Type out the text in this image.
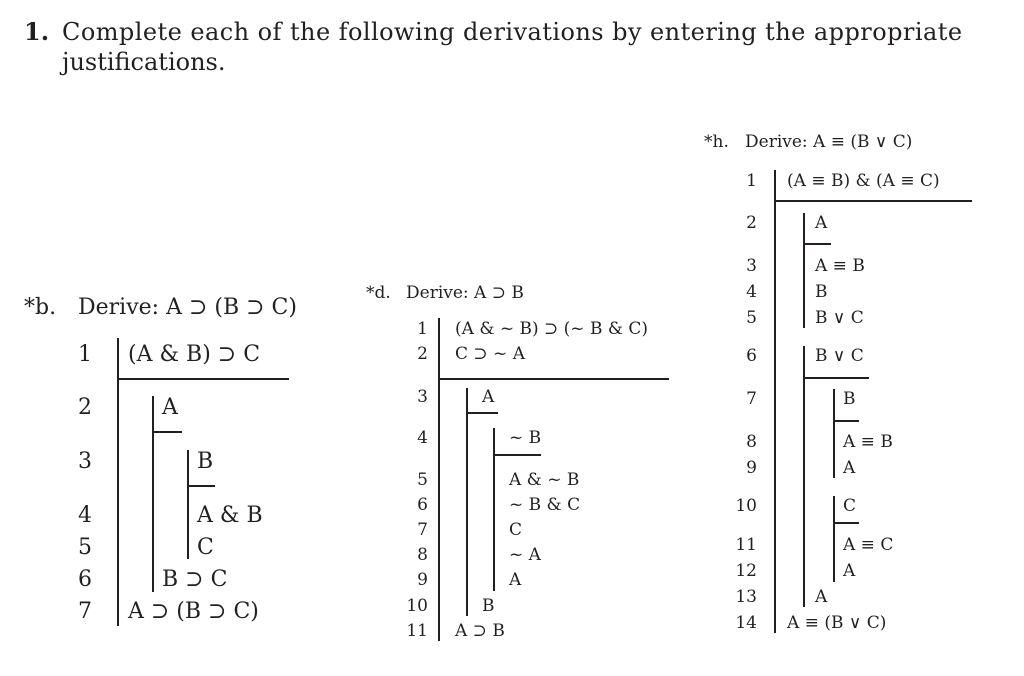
1. Complete each of the following derivations by entering the appropriate
justifications.
*b. Derive: A ⊃ (B ⊃ C)
1 (A & B) ⊃ C
2	A
3	B
4	A & B
5	C
6	B ⊃ C
7 A ⊃ (B ⊃ C)
*d. Derive: A ⊃ B
1 (A & ~ B) ⊃ (~ B & C)
2 C ⊃ ~ A
3	A
4	~ B
5	A & ~ B
6	~ B & C
7	C
8	~ A
9	A
10	B
11 A ⊃ B
*h. Derive: A ≡ (B ∨ C)
1 (A ≡ B) & (A ≡ C)
2	A
3	A ≡ B
4	B
5	B ∨ C
6	B ∨ C
7	B
8	A ≡ B
9	A
10	C
11	A ≡ C
12	A
13	A
14 A ≡ (B ∨ C)
